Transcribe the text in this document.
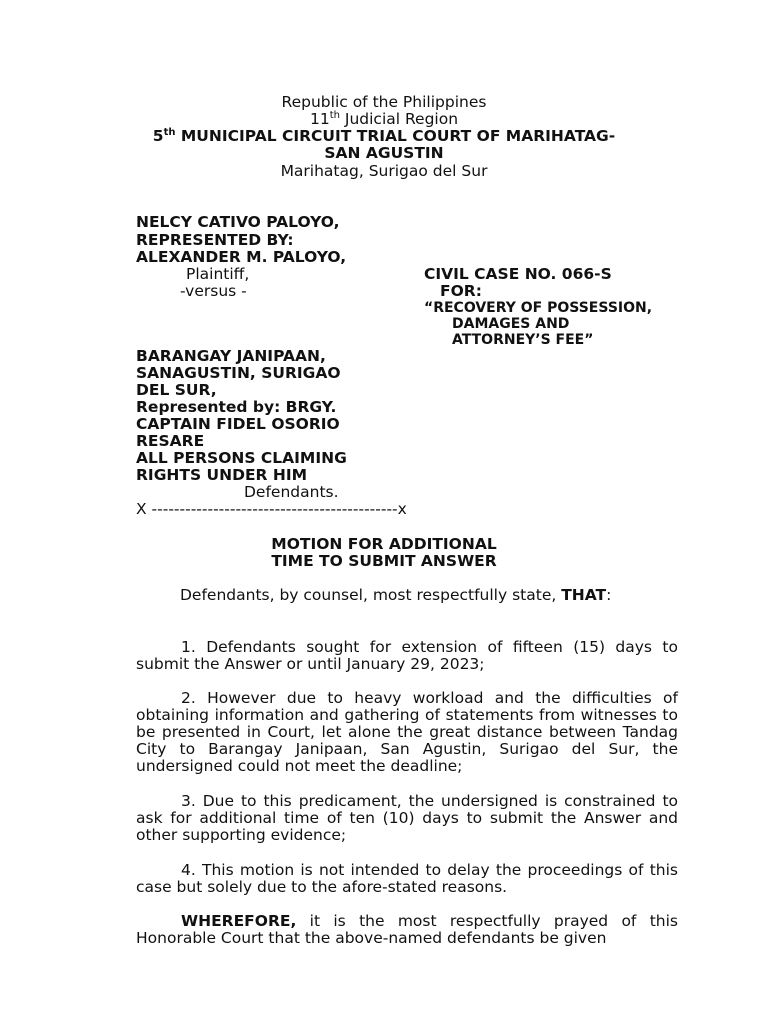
Republic of the Philippines
11th Judicial Region
5th MUNICIPAL CIRCUIT TRIAL COURT OF MARIHATAG-
SAN AGUSTIN
Marihatag, Surigao del Sur
NELCY CATIVO PALOYO,
REPRESENTED BY:
ALEXANDER M. PALOYO,
Plaintiff,
-versus -
CIVIL CASE NO. 066-S
FOR:
“RECOVERY OF POSSESSION,
DAMAGES AND
ATTORNEY’S FEE”
BARANGAY JANIPAAN,
SANAGUSTIN, SURIGAO
DEL SUR,
Represented by: BRGY.
CAPTAIN FIDEL OSORIO
RESARE
ALL PERSONS CLAIMING
RIGHTS UNDER HIM
Defendants.
X --------------------------------------------x
MOTION FOR ADDITIONAL
TIME TO SUBMIT ANSWER
Defendants, by counsel, most respectfully state, THAT:
1. Defendants sought for extension of fifteen (15) days to submit the Answer or until January 29, 2023;
2. However due to heavy workload and the difficulties of obtaining information and gathering of statements from witnesses to be presented in Court, let alone the great distance between Tandag City to Barangay Janipaan, San Agustin, Surigao del Sur, the undersigned could not meet the deadline;
3. Due to this predicament, the undersigned is constrained to ask for additional time of ten (10) days to submit the Answer and other supporting evidence;
4. This motion is not intended to delay the proceedings of this case but solely due to the afore-stated reasons.
WHEREFORE, it is the most respectfully prayed of this Honorable Court that the above-named defendants be given
